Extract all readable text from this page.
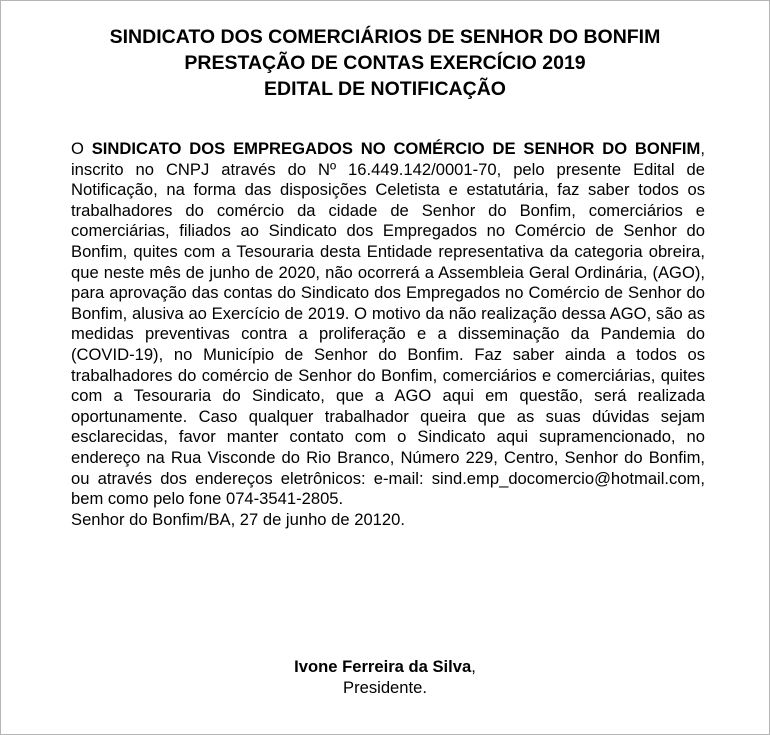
SINDICATO DOS COMERCIÁRIOS DE SENHOR DO BONFIM
PRESTAÇÃO DE CONTAS EXERCÍCIO 2019
EDITAL DE NOTIFICAÇÃO
O SINDICATO DOS EMPREGADOS NO COMÉRCIO DE SENHOR DO BONFIM, inscrito no CNPJ através do Nº 16.449.142/0001-70, pelo presente Edital de Notificação, na forma das disposições Celetista e estatutária, faz saber todos os trabalhadores do comércio da cidade de Senhor do Bonfim, comerciários e comerciárias, filiados ao Sindicato dos Empregados no Comércio de Senhor do Bonfim, quites com a Tesouraria desta Entidade representativa da categoria obreira, que neste mês de junho de 2020, não ocorrerá a Assembleia Geral Ordinária, (AGO), para aprovação das contas do Sindicato dos Empregados no Comércio de Senhor do Bonfim, alusiva ao Exercício de 2019. O motivo da não realização dessa AGO, são as medidas preventivas contra a proliferação e a disseminação da Pandemia do (COVID-19), no Município de Senhor do Bonfim. Faz saber ainda a todos os trabalhadores do comércio de Senhor do Bonfim, comerciários e comerciárias, quites com a Tesouraria do Sindicato, que a AGO aqui em questão, será realizada oportunamente. Caso qualquer trabalhador queira que as suas dúvidas sejam esclarecidas, favor manter contato com o Sindicato aqui supramencionado, no endereço na Rua Visconde do Rio Branco, Número 229, Centro, Senhor do Bonfim, ou através dos endereços eletrônicos: e-mail: sind.emp_docomercio@hotmail.com, bem como pelo fone 074-3541-2805.
Senhor do Bonfim/BA, 27 de junho de 20120.
Ivone Ferreira da Silva,
Presidente.
